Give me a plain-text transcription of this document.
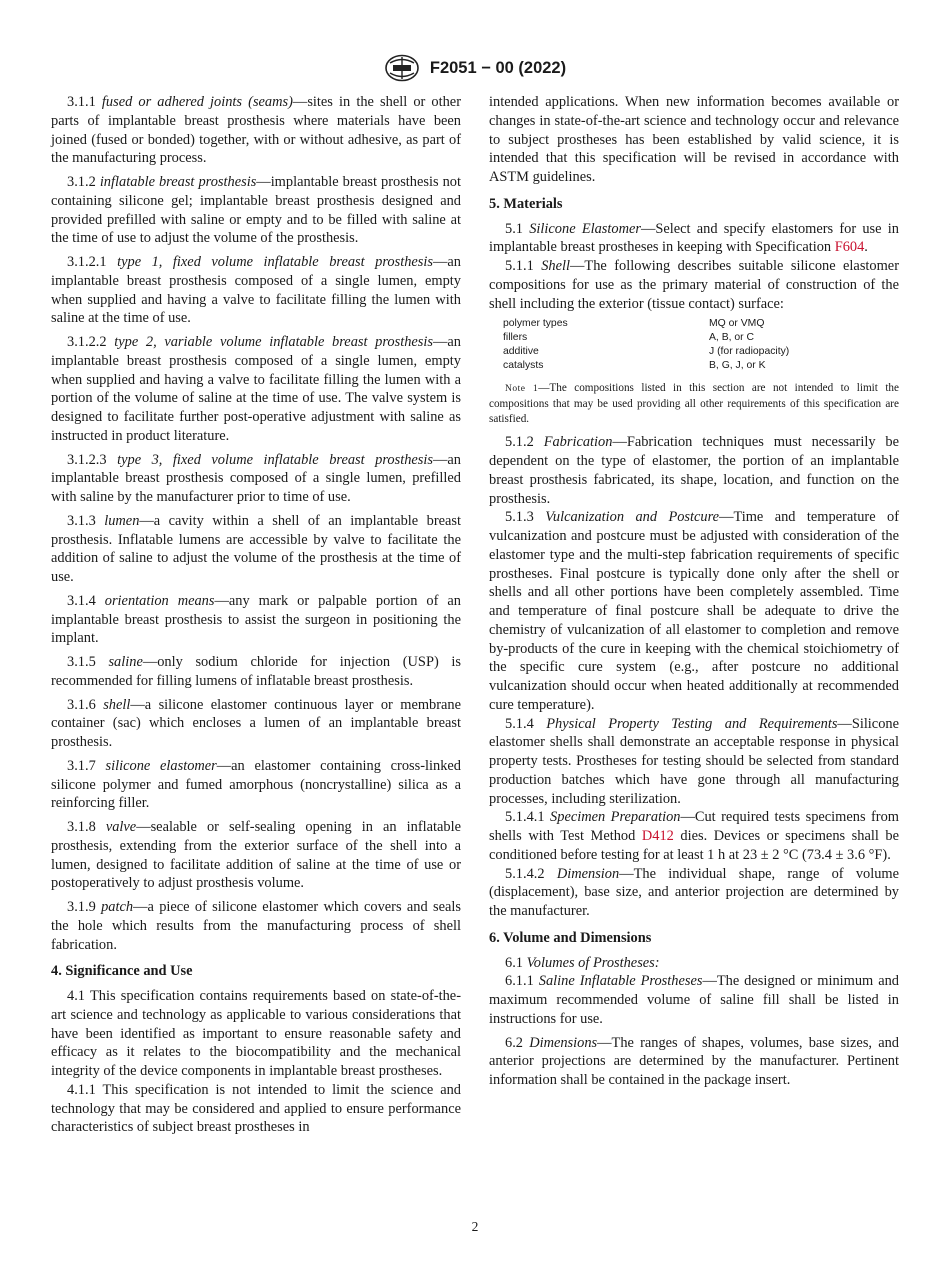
F2051 − 00 (2022)

3.1.1 fused or adhered joints (seams)—sites in the shell or other parts of implantable breast prosthesis where materials have been joined (fused or bonded) together, with or without adhesive, as part of the manufacturing process.

3.1.2 inflatable breast prosthesis—implantable breast prosthesis not containing silicone gel; implantable breast prosthesis designed and provided prefilled with saline or empty and to be filled with saline at the time of use to adjust the volume of the prosthesis.

3.1.2.1 type 1, fixed volume inflatable breast prosthesis—an implantable breast prosthesis composed of a single lumen, empty when supplied and having a valve to facilitate filling the lumen with saline at the time of use.

3.1.2.2 type 2, variable volume inflatable breast prosthesis—an implantable breast prosthesis composed of a single lumen, empty when supplied and having a valve to facilitate filling the lumen with a portion of the volume of saline at the time of use. The valve system is designed to facilitate further post-operative adjustment with saline as instructed in product literature.

3.1.2.3 type 3, fixed volume inflatable breast prosthesis—an implantable breast prosthesis composed of a single lumen, prefilled with saline by the manufacturer prior to time of use.

3.1.3 lumen—a cavity within a shell of an implantable breast prosthesis. Inflatable lumens are accessible by valve to facilitate the addition of saline to adjust the volume of the prosthesis at the time of use.

3.1.4 orientation means—any mark or palpable portion of an implantable breast prosthesis to assist the surgeon in positioning the implant.

3.1.5 saline—only sodium chloride for injection (USP) is recommended for filling lumens of inflatable breast prosthesis.

3.1.6 shell—a silicone elastomer continuous layer or membrane container (sac) which encloses a lumen of an implantable breast prosthesis.

3.1.7 silicone elastomer—an elastomer containing cross-linked silicone polymer and fumed amorphous (noncrystalline) silica as a reinforcing filler.

3.1.8 valve—sealable or self-sealing opening in an inflatable prosthesis, extending from the exterior surface of the shell into a lumen, designed to facilitate addition of saline at the time of use or postoperatively to adjust prosthesis volume.

3.1.9 patch—a piece of silicone elastomer which covers and seals the hole which results from the manufacturing process of shell fabrication.

4. Significance and Use

4.1 This specification contains requirements based on state-of-the-art science and technology as applicable to various considerations that have been identified as important to ensure reasonable safety and efficacy as it relates to the biocompatibility and the mechanical integrity of the device components in implantable breast prostheses.

4.1.1 This specification is not intended to limit the science and technology that may be considered and applied to ensure performance characteristics of subject breast prostheses in

intended applications. When new information becomes available or changes in state-of-the-art science and technology occur and relevance to subject prostheses has been established by valid science, it is intended that this specification will be revised in accordance with ASTM guidelines.

5. Materials

5.1 Silicone Elastomer—Select and specify elastomers for use in implantable breast prostheses in keeping with Specification F604.

5.1.1 Shell—The following describes suitable silicone elastomer compositions for use as the primary material of construction of the shell including the exterior (tissue contact) surface:

polymer types	MQ or VMQ
fillers	A, B, or C
additive	J (for radiopacity)
catalysts	B, G, J, or K

Note 1—The compositions listed in this section are not intended to limit the compositions that may be used providing all other requirements of this specification are satisfied.

5.1.2 Fabrication—Fabrication techniques must necessarily be dependent on the type of elastomer, the portion of an implantable breast prosthesis fabricated, its shape, location, and function on the prosthesis.

5.1.3 Vulcanization and Postcure—Time and temperature of vulcanization and postcure must be adjusted with consideration of the elastomer type and the multi-step fabrication requirements of specific prostheses. Final postcure is typically done only after the shell or shells and all other portions have been completely assembled. Time and temperature of final postcure shall be adequate to drive the chemistry of vulcanization of all elastomer to completion and remove by-products of the cure in keeping with the chemical stoichiometry of the specific cure system (e.g., after postcure no additional vulcanization should occur when heated additionally at recommended cure temperature).

5.1.4 Physical Property Testing and Requirements—Silicone elastomer shells shall demonstrate an acceptable response in physical property tests. Prostheses for testing should be selected from standard production batches which have gone through all manufacturing processes, including sterilization.

5.1.4.1 Specimen Preparation—Cut required tests specimens from shells with Test Method D412 dies. Devices or specimens shall be conditioned before testing for at least 1 h at 23 ± 2 °C (73.4 ± 3.6 °F).

5.1.4.2 Dimension—The individual shape, range of volume (displacement), base size, and anterior projection are determined by the manufacturer.

6. Volume and Dimensions

6.1 Volumes of Prostheses:

6.1.1 Saline Inflatable Prostheses—The designed or minimum and maximum recommended volume of saline fill shall be listed in instructions for use.

6.2 Dimensions—The ranges of shapes, volumes, base sizes, and anterior projections are determined by the manufacturer. Pertinent information shall be contained in the package insert.

2
